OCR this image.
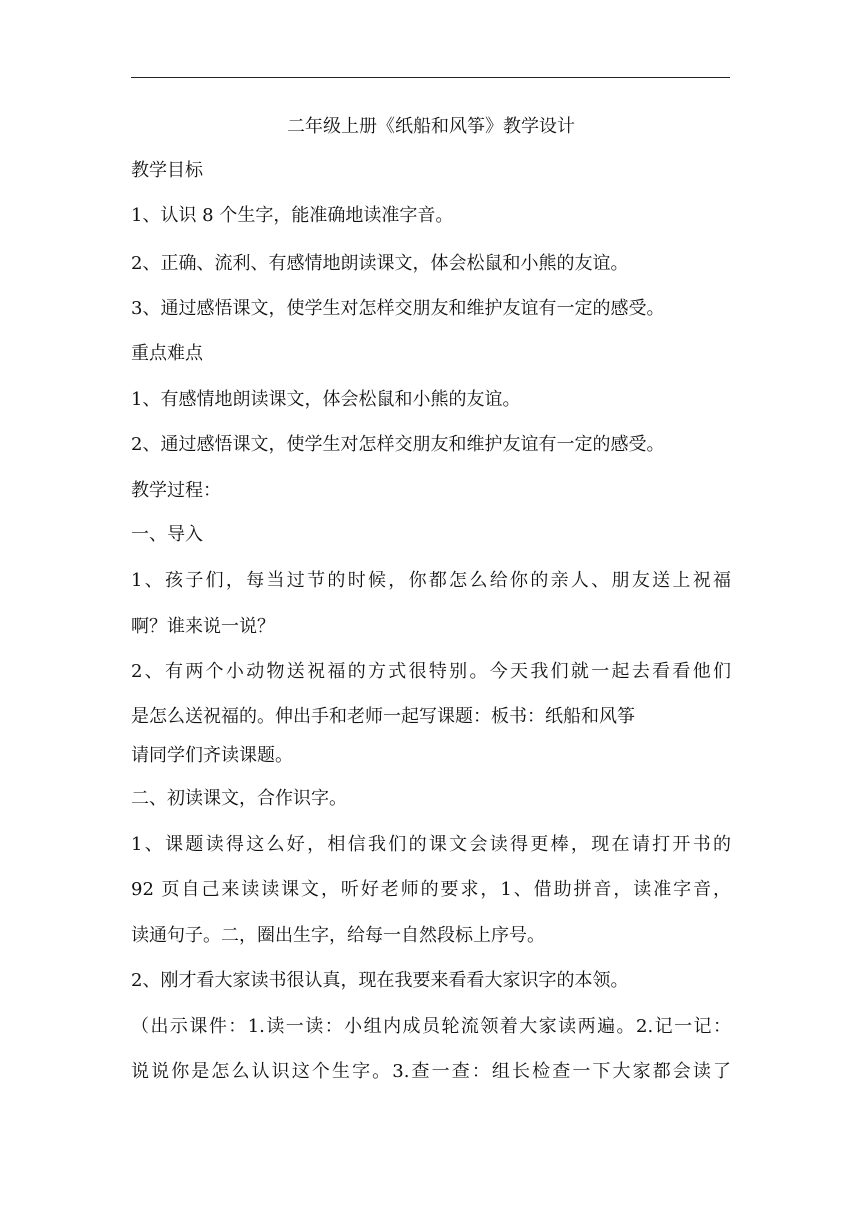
二年级上册《纸船和风筝》教学设计
教学目标
1、认识 8 个生字，能准确地读准字音。
2、正确、流利、有感情地朗读课文，体会松鼠和小熊的友谊。
3、通过感悟课文，使学生对怎样交朋友和维护友谊有一定的感受。
重点难点
1、有感情地朗读课文，体会松鼠和小熊的友谊。
2、通过感悟课文，使学生对怎样交朋友和维护友谊有一定的感受。
教学过程：
一、导入
1、孩子们，每当过节的时候，你都怎么给你的亲人、朋友送上祝福
啊？谁来说一说？
2、有两个小动物送祝福的方式很特别。今天我们就一起去看看他们
是怎么送祝福的。伸出手和老师一起写课题：板书：纸船和风筝
请同学们齐读课题。
二、初读课文，合作识字。
1、课题读得这么好，相信我们的课文会读得更棒，现在请打开书的
92 页自己来读读课文，听好老师的要求，1、借助拼音，读准字音，
读通句子。二，圈出生字，给每一自然段标上序号。
2、刚才看大家读书很认真，现在我要来看看大家识字的本领。
（出示课件：1.读一读：小组内成员轮流领着大家读两遍。2.记一记：
说说你是怎么认识这个生字。3.查一查：组长检查一下大家都会读了
